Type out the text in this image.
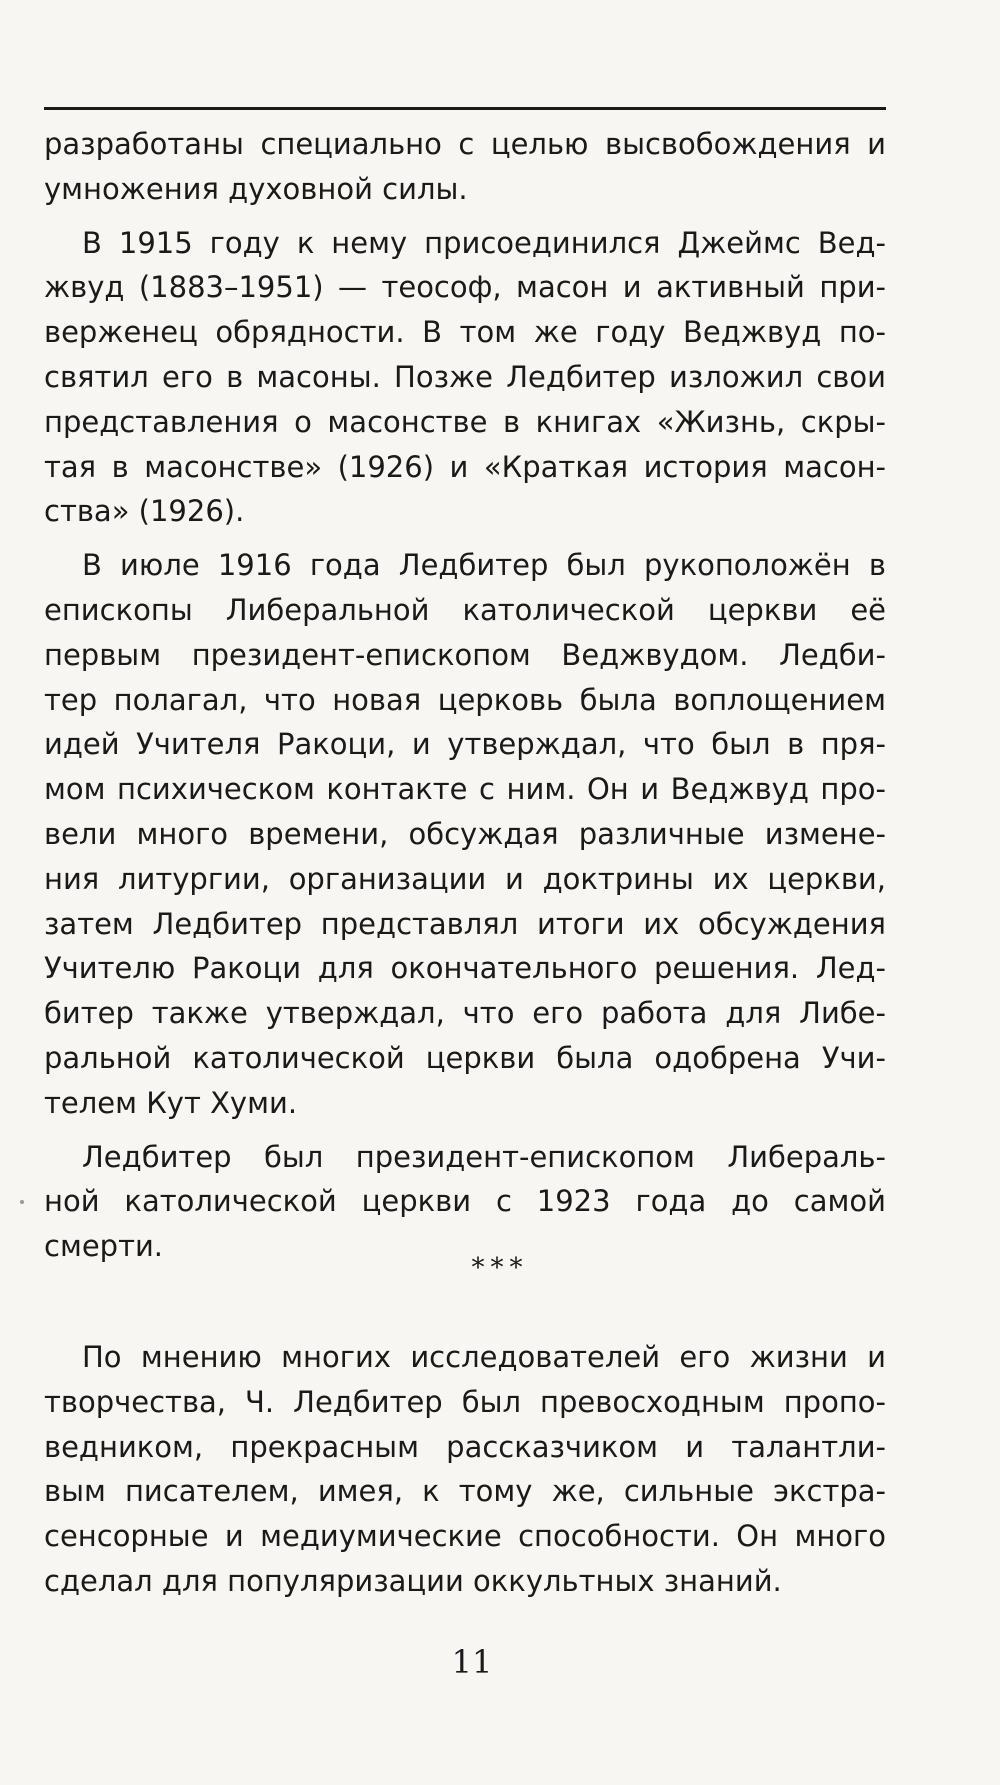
разработаны специально с целью высвобождения и
умножения духовной силы.
В 1915 году к нему присоединился Джеймс Вед-
жвуд (1883–1951) — теософ, масон и активный при-
верженец обрядности. В том же году Веджвуд по-
святил его в масоны. Позже Ледбитер изложил свои
представления о масонстве в книгах «Жизнь, скры-
тая в масонстве» (1926) и «Краткая история масон-
ства» (1926).
В июле 1916 года Ледбитер был рукоположён в
епископы Либеральной католической церкви её
первым президент-епископом Веджвудом. Ледби-
тер полагал, что новая церковь была воплощением
идей Учителя Ракоци, и утверждал, что был в пря-
мом психическом контакте с ним. Он и Веджвуд про-
вели много времени, обсуждая различные измене-
ния литургии, организации и доктрины их церкви,
затем Ледбитер представлял итоги их обсуждения
Учителю Ракоци для окончательного решения. Лед-
битер также утверждал, что его работа для Либе-
ральной католической церкви была одобрена Учи-
телем Кут Хуми.
Ледбитер был президент-епископом Либераль-
ной католической церкви с 1923 года до самой
смерти.
***
По мнению многих исследователей его жизни и
творчества, Ч. Ледбитер был превосходным пропо-
ведником, прекрасным рассказчиком и талантли-
вым писателем, имея, к тому же, сильные экстра-
сенсорные и медиумические способности. Он много
сделал для популяризации оккультных знаний.
11
